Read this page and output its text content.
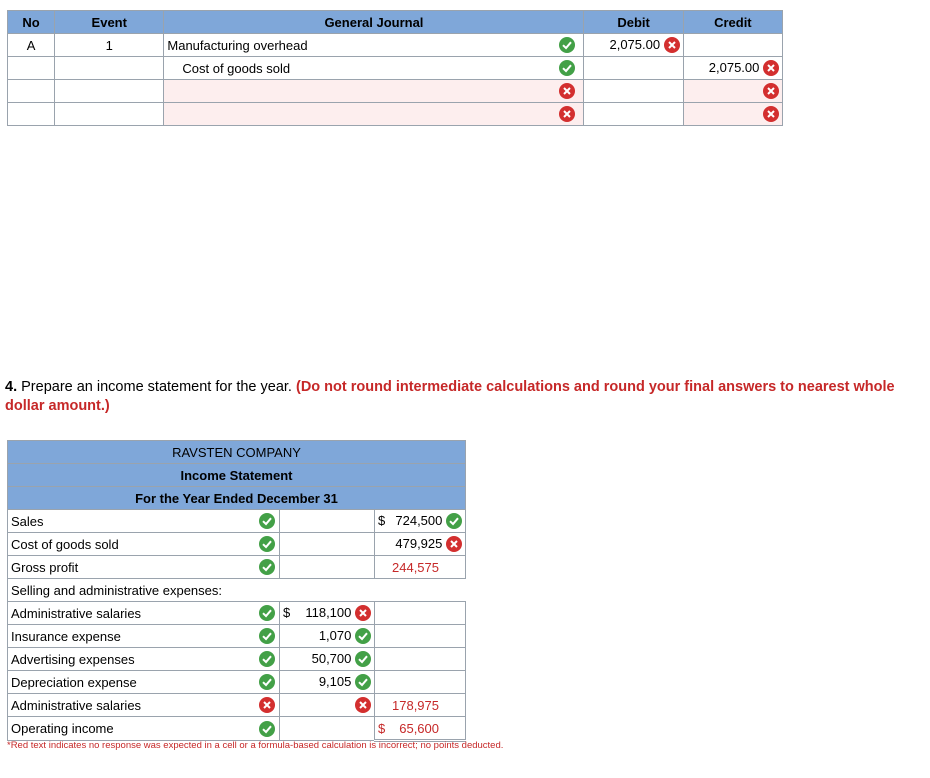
No	Event	General Journal		Debit	Credit
A	1	Manufacturing overhead		2,075.00

		Cost of goods sold			2,075.00

4. Prepare an income statement for the year. (Do not round intermediate calculations and round your final answers to nearest whole dollar amount.)
RAVSTEN COMPANY			
Income Statement			
For the Year Ended December 31			
Sales			$ 724,500

Cost of goods sold			479,925

Gross profit			244,575
Selling and administrative expenses:			
Administrative salaries		$ 118,100

Insurance expense		1,070

Advertising expenses		50,700

Depreciation expense		9,105

Administrative salaries			178,975
Operating income			$ 65,600
*Red text indicates no response was expected in a cell or a formula-based calculation is incorrect; no points deducted.
